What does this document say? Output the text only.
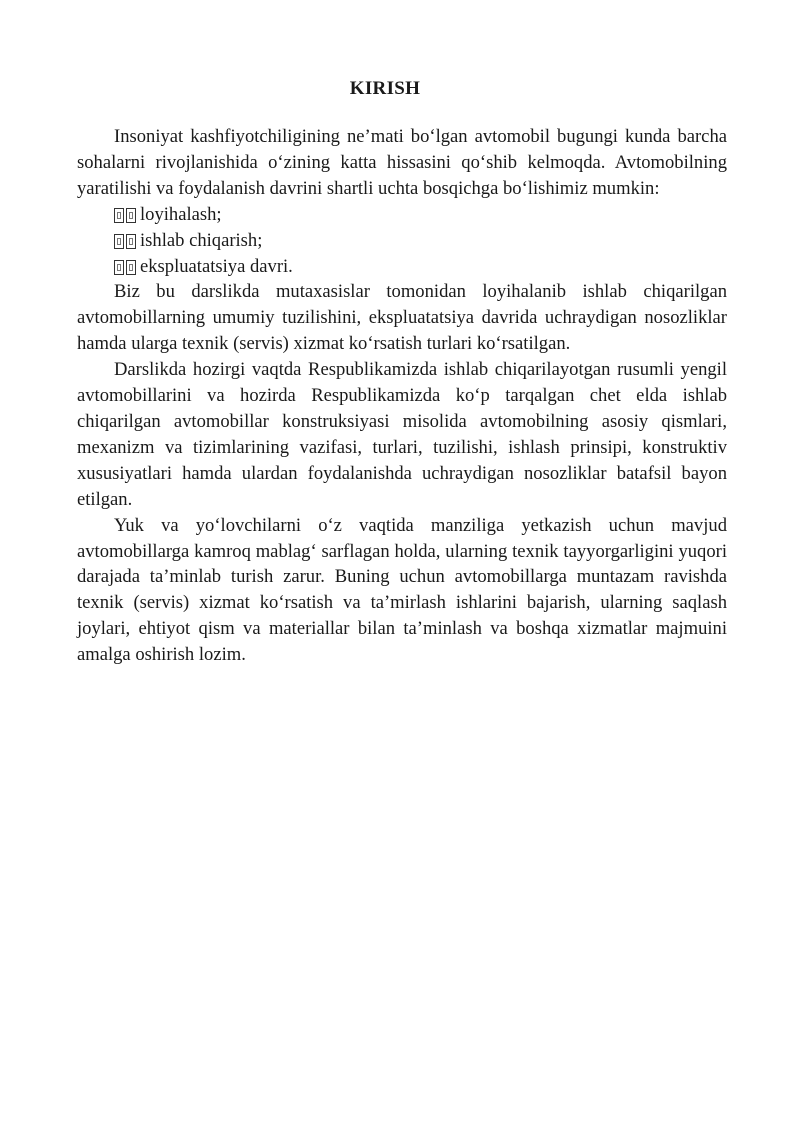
KIRISH

Insoniyat kashfiyotchiligining ne’mati bo‘lgan avtomobil bugungi kunda barcha sohalarni rivojlanishida o‘zining katta hissasini qo‘shib kelmoqda. Avtomobilning yaratilishi va foydalanish davrini shartli uchta bosqichga bo‘lishimiz mumkin:

loyihalash;
ishlab chiqarish;
ekspluatatsiya davri.

Biz bu darslikda mutaxasislar tomonidan loyihalanib ishlab chiqarilgan avtomobillarning umumiy tuzilishini, ekspluatatsiya davrida uchraydigan nosozliklar hamda ularga texnik (servis) xizmat ko‘rsatish turlari ko‘rsatilgan.

Darslikda hozirgi vaqtda Respublikamizda ishlab chiqarilayotgan rusumli yengil avtomobillarini va hozirda Respublikamizda ko‘p tarqalgan chet elda ishlab chiqarilgan avtomobillar konstruksiyasi misolida avtomobilning asosiy qismlari, mexanizm va tizimlarining vazifasi, turlari, tuzilishi, ishlash prinsipi, konstruktiv xususiyatlari hamda ulardan foydalanishda uchraydigan nosozliklar batafsil bayon etilgan.

Yuk va yo‘lovchilarni o‘z vaqtida manziliga yetkazish uchun mavjud avtomobillarga kamroq mablag‘ sarflagan holda, ularning texnik tayyorgarligini yuqori darajada ta’minlab turish zarur. Buning uchun avtomobillarga muntazam ravishda texnik (servis) xizmat ko‘rsatish va ta’mirlash ishlarini bajarish, ularning saqlash joylari, ehtiyot qism va materiallar bilan ta’minlash va boshqa xizmatlar majmuini amalga oshirish lozim.
